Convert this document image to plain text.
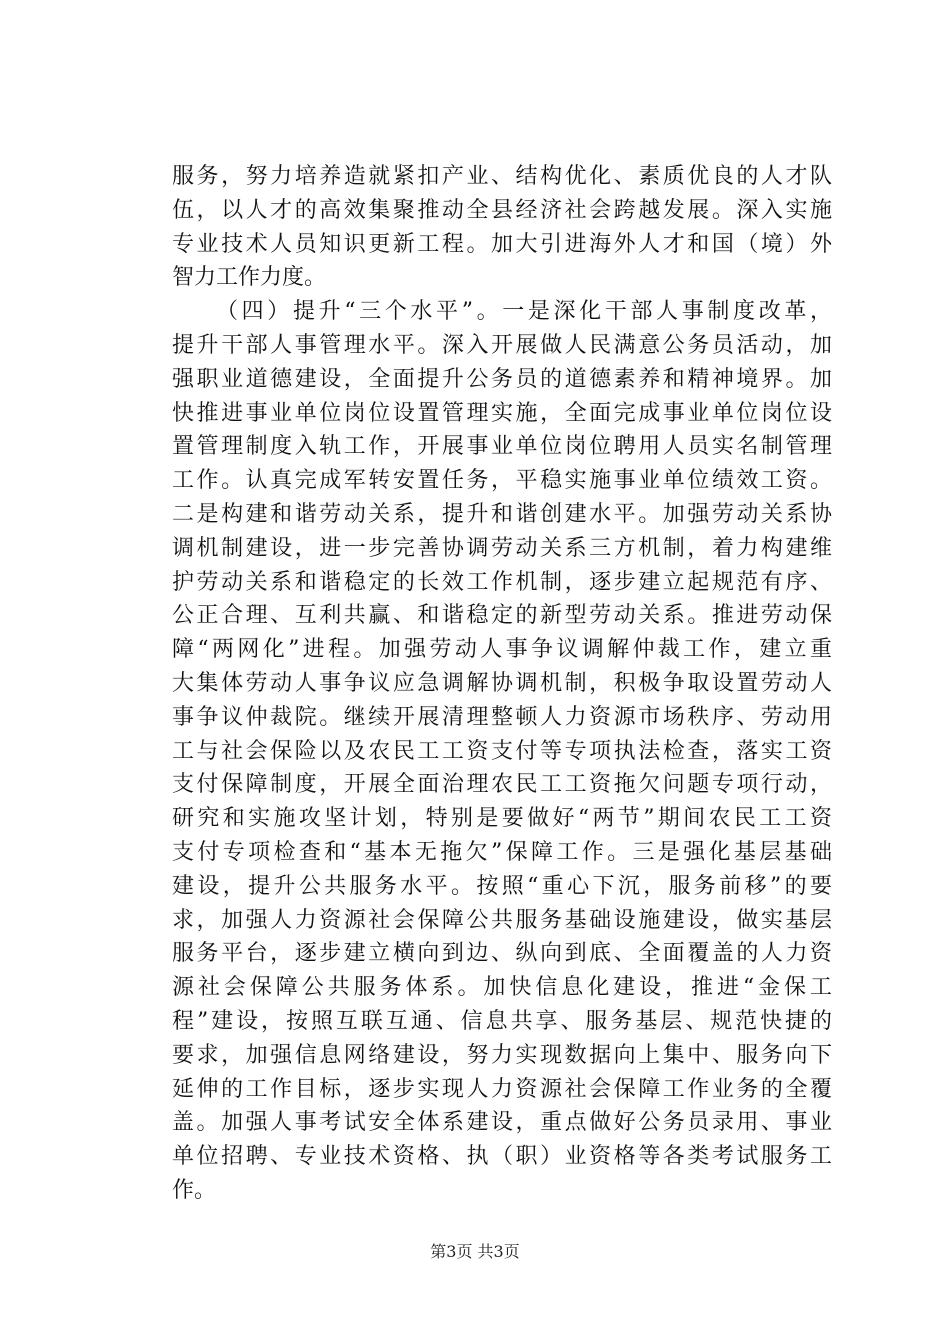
服务，努力培养造就紧扣产业、结构优化、素质优良的人才队
伍，以人才的高效集聚推动全县经济社会跨越发展。深入实施
专业技术人员知识更新工程。加大引进海外人才和国（境）外
智力工作力度。
（四）提升“三个水平”。一是深化干部人事制度改革，
提升干部人事管理水平。深入开展做人民满意公务员活动，加
强职业道德建设，全面提升公务员的道德素养和精神境界。加
快推进事业单位岗位设置管理实施，全面完成事业单位岗位设
置管理制度入轨工作，开展事业单位岗位聘用人员实名制管理
工作。认真完成军转安置任务，平稳实施事业单位绩效工资。
二是构建和谐劳动关系，提升和谐创建水平。加强劳动关系协
调机制建设，进一步完善协调劳动关系三方机制，着力构建维
护劳动关系和谐稳定的长效工作机制，逐步建立起规范有序、
公正合理、互利共赢、和谐稳定的新型劳动关系。推进劳动保
障“两网化”进程。加强劳动人事争议调解仲裁工作，建立重
大集体劳动人事争议应急调解协调机制，积极争取设置劳动人
事争议仲裁院。继续开展清理整顿人力资源市场秩序、劳动用
工与社会保险以及农民工工资支付等专项执法检查，落实工资
支付保障制度，开展全面治理农民工工资拖欠问题专项行动，
研究和实施攻坚计划，特别是要做好“两节”期间农民工工资
支付专项检查和“基本无拖欠”保障工作。三是强化基层基础
建设，提升公共服务水平。按照“重心下沉，服务前移”的要
求，加强人力资源社会保障公共服务基础设施建设，做实基层
服务平台，逐步建立横向到边、纵向到底、全面覆盖的人力资
源社会保障公共服务体系。加快信息化建设，推进“金保工
程”建设，按照互联互通、信息共享、服务基层、规范快捷的
要求，加强信息网络建设，努力实现数据向上集中、服务向下
延伸的工作目标，逐步实现人力资源社会保障工作业务的全覆
盖。加强人事考试安全体系建设，重点做好公务员录用、事业
单位招聘、专业技术资格、执（职）业资格等各类考试服务工
作。
第3页 共3页
